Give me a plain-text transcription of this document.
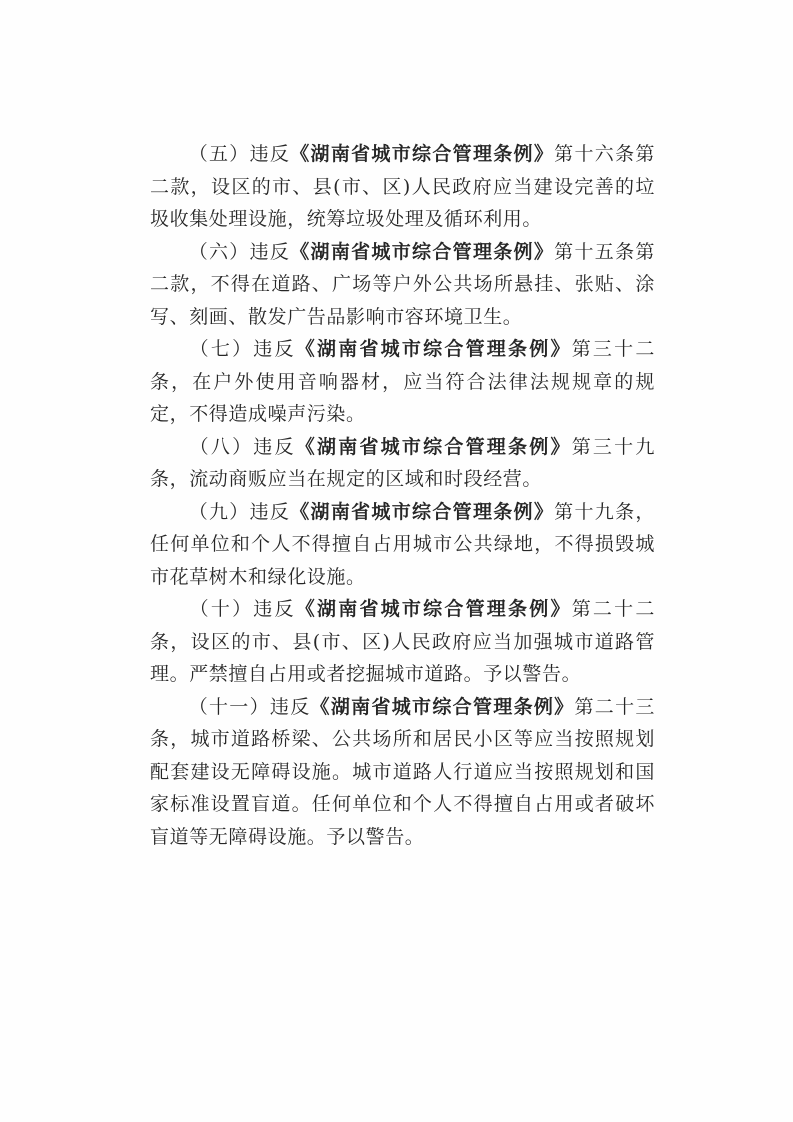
（五）违反《湖南省城市综合管理条例》第十六条第二款，设区的市、县(市、区)人民政府应当建设完善的垃圾收集处理设施，统筹垃圾处理及循环利用。

（六）违反《湖南省城市综合管理条例》第十五条第二款，不得在道路、广场等户外公共场所悬挂、张贴、涂写、刻画、散发广告品影响市容环境卫生。

（七）违反《湖南省城市综合管理条例》第三十二条，在户外使用音响器材，应当符合法律法规规章的规定，不得造成噪声污染。

（八）违反《湖南省城市综合管理条例》第三十九条，流动商贩应当在规定的区域和时段经营。

（九）违反《湖南省城市综合管理条例》第十九条，任何单位和个人不得擅自占用城市公共绿地，不得损毁城市花草树木和绿化设施。

（十）违反《湖南省城市综合管理条例》第二十二条，设区的市、县(市、区)人民政府应当加强城市道路管理。严禁擅自占用或者挖掘城市道路。予以警告。

（十一）违反《湖南省城市综合管理条例》第二十三条，城市道路桥梁、公共场所和居民小区等应当按照规划配套建设无障碍设施。城市道路人行道应当按照规划和国家标准设置盲道。任何单位和个人不得擅自占用或者破坏盲道等无障碍设施。予以警告。
